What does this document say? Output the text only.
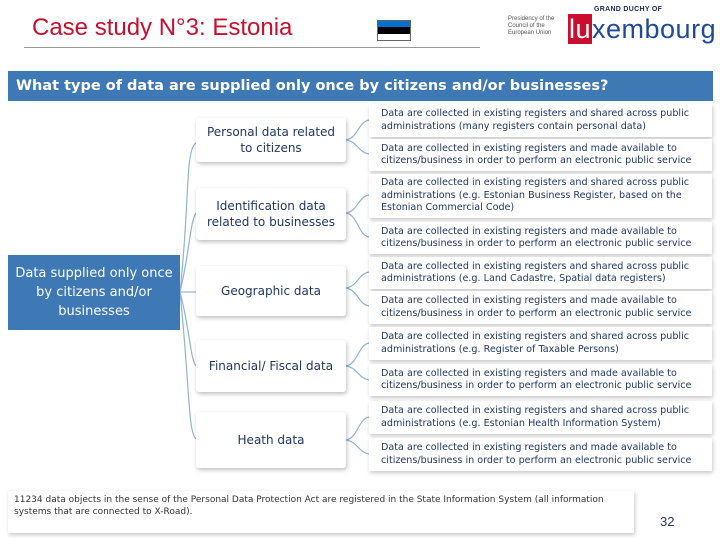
Case study N°3: Estonia	Presidency of the Council of the European Union
GRAND DUCHY OF
luxembourg
What type of data are supplied only once by citizens and/or businesses?
Data supplied only once by citizens and/or businesses
Personal data related to citizens
Identification data related to businesses
Geographic data
Financial/ Fiscal data
Heath data
Data are collected in existing registers and shared across public administrations (many registers contain personal data)
Data are collected in existing registers and made available to citizens/business in order to perform an electronic public service
Data are collected in existing registers and shared across public administrations (e.g. Estonian Business Register, based on the Estonian Commercial Code)
Data are collected in existing registers and made available to citizens/business in order to perform an electronic public service
Data are collected in existing registers and shared across public administrations (e.g. Land Cadastre, Spatial data registers)
Data are collected in existing registers and made available to citizens/business in order to perform an electronic public service
Data are collected in existing registers and shared across public administrations (e.g. Register of Taxable Persons)
Data are collected in existing registers and made available to citizens/business in order to perform an electronic public service
Data are collected in existing registers and shared across public administrations (e.g. Estonian Health Information System)
Data are collected in existing registers and made available to citizens/business in order to perform an electronic public service
11234 data objects in the sense of the Personal Data Protection Act are registered in the State Information System (all information systems that are connected to X-Road).
32
